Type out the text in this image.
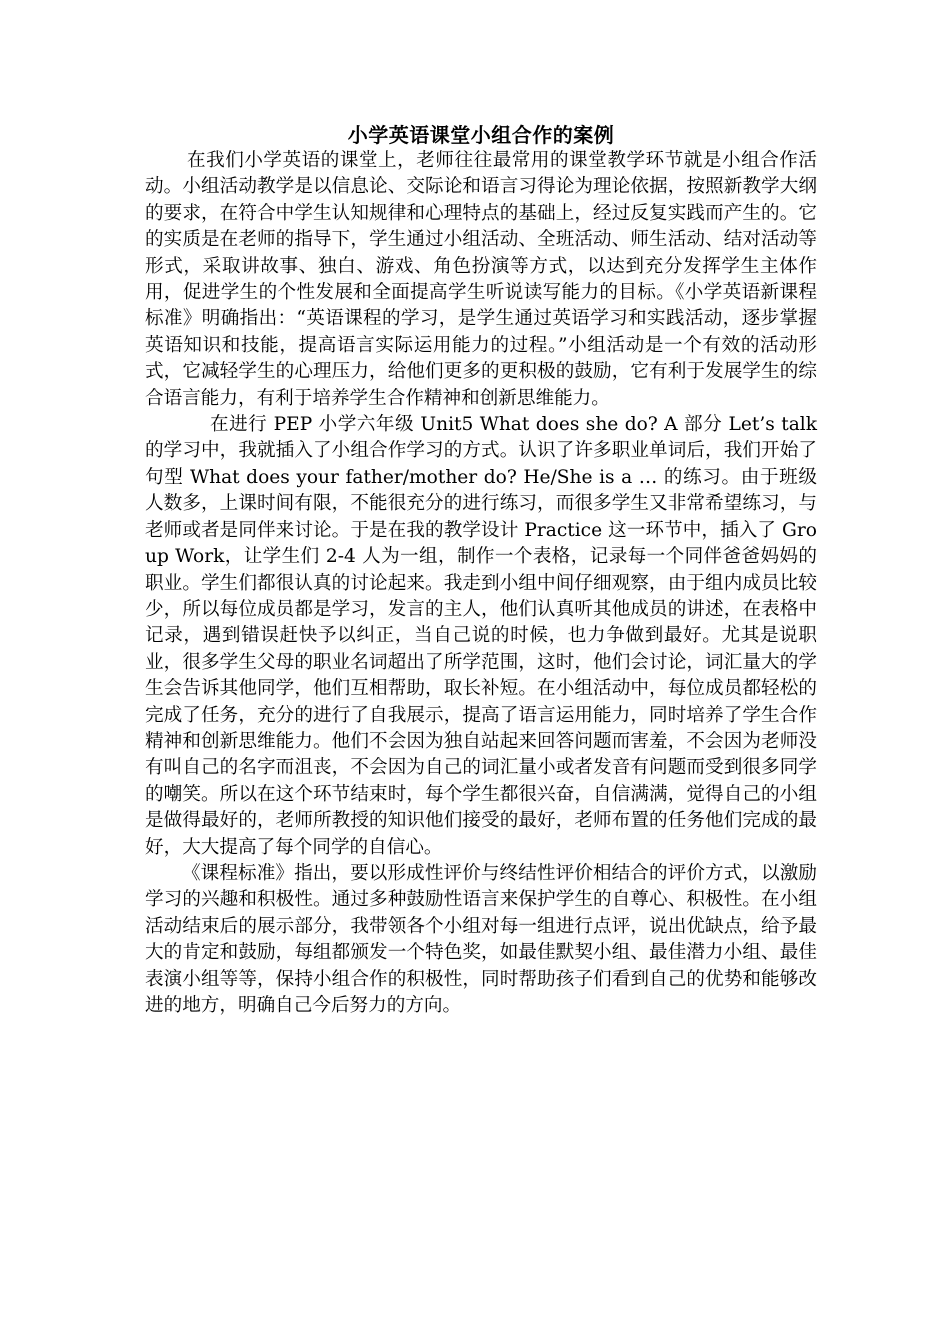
小学英语课堂小组合作的案例

在我们小学英语的课堂上，老师往往最常用的课堂教学环节就是小组合作活动。小组活动教学是以信息论、交际论和语言习得论为理论依据，按照新教学大纲的要求，在符合中学生认知规律和心理特点的基础上，经过反复实践而产生的。它的实质是在老师的指导下，学生通过小组活动、全班活动、师生活动、结对活动等形式，采取讲故事、独白、游戏、角色扮演等方式，以达到充分发挥学生主体作用，促进学生的个性发展和全面提高学生听说读写能力的目标。《小学英语新课程标准》明确指出：“英语课程的学习，是学生通过英语学习和实践活动，逐步掌握英语知识和技能，提高语言实际运用能力的过程。”小组活动是一个有效的活动形式，它减轻学生的心理压力，给他们更多的更积极的鼓励，它有利于发展学生的综合语言能力，有利于培养学生合作精神和创新思维能力。

在进行 PEP 小学六年级 Unit5 What does she do? A 部分 Let’s talk 的学习中，我就插入了小组合作学习的方式。认识了许多职业单词后，我们开始了句型 What does your father/mother do? He/She is a … 的练习。由于班级人数多，上课时间有限，不能很充分的进行练习，而很多学生又非常希望练习，与老师或者是同伴来讨论。于是在我的教学设计 Practice 这一环节中，插入了 Group Work，让学生们 2-4 人为一组，制作一个表格，记录每一个同伴爸爸妈妈的职业。学生们都很认真的讨论起来。我走到小组中间仔细观察，由于组内成员比较少，所以每位成员都是学习，发言的主人，他们认真听其他成员的讲述，在表格中记录，遇到错误赶快予以纠正，当自己说的时候，也力争做到最好。尤其是说职业，很多学生父母的职业名词超出了所学范围，这时，他们会讨论，词汇量大的学生会告诉其他同学，他们互相帮助，取长补短。在小组活动中，每位成员都轻松的完成了任务，充分的进行了自我展示，提高了语言运用能力，同时培养了学生合作精神和创新思维能力。他们不会因为独自站起来回答问题而害羞，不会因为老师没有叫自己的名字而沮丧，不会因为自己的词汇量小或者发音有问题而受到很多同学的嘲笑。所以在这个环节结束时，每个学生都很兴奋，自信满满，觉得自己的小组是做得最好的，老师所教授的知识他们接受的最好，老师布置的任务他们完成的最好，大大提高了每个同学的自信心。

《课程标准》指出，要以形成性评价与终结性评价相结合的评价方式，以激励学习的兴趣和积极性。通过多种鼓励性语言来保护学生的自尊心、积极性。在小组活动结束后的展示部分，我带领各个小组对每一组进行点评，说出优缺点，给予最大的肯定和鼓励，每组都颁发一个特色奖，如最佳默契小组、最佳潜力小组、最佳表演小组等等，保持小组合作的积极性，同时帮助孩子们看到自己的优势和能够改进的地方，明确自己今后努力的方向。
